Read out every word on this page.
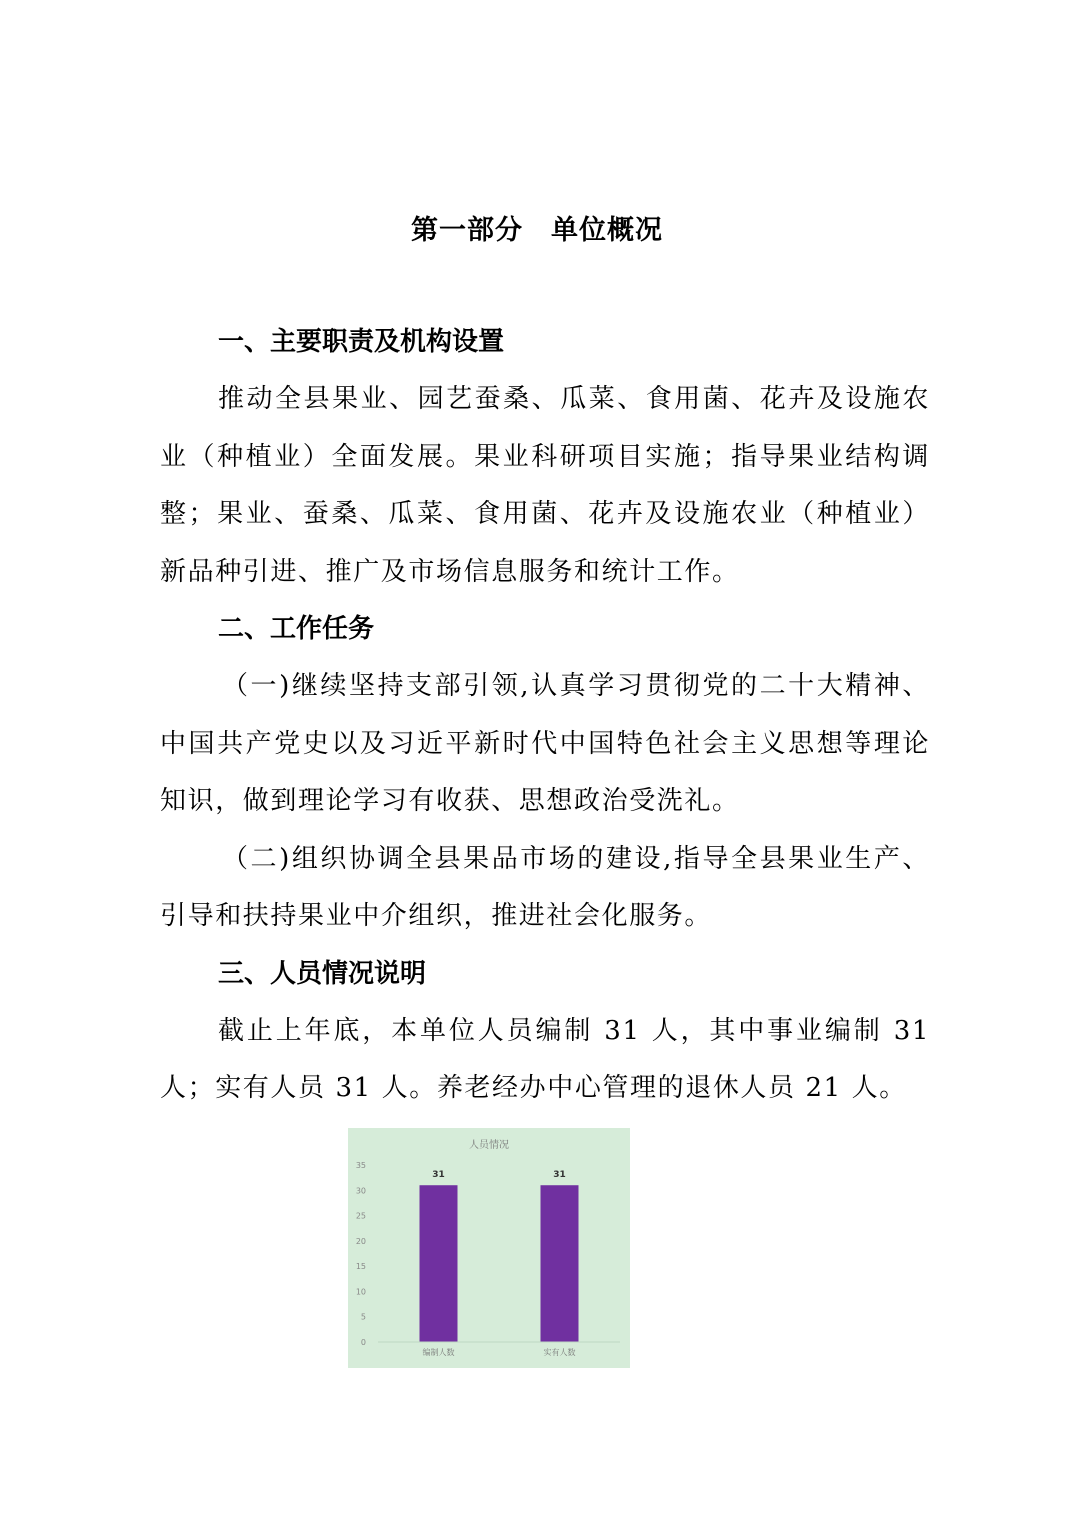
第一部分 单位概况

一、主要职责及机构设置

推动全县果业、园艺蚕桑、瓜菜、食用菌、花卉及设施农业（种植业）全面发展。果业科研项目实施；指导果业结构调整；果业、蚕桑、瓜菜、食用菌、花卉及设施农业（种植业）新品种引进、推广及市场信息服务和统计工作。

二、工作任务

（一)继续坚持支部引领,认真学习贯彻党的二十大精神、中国共产党史以及习近平新时代中国特色社会主义思想等理论知识，做到理论学习有收获、思想政治受洗礼。

（二)组织协调全县果品市场的建设,指导全县果业生产、引导和扶持果业中介组织，推进社会化服务。

三、人员情况说明

截止上年底，本单位人员编制 31 人，其中事业编制 31 人；实有人员 31 人。养老经办中心管理的退休人员 21 人。

人员情况
0
5
10
15
20
25
30
35
31	31
编制人数	实有人数
